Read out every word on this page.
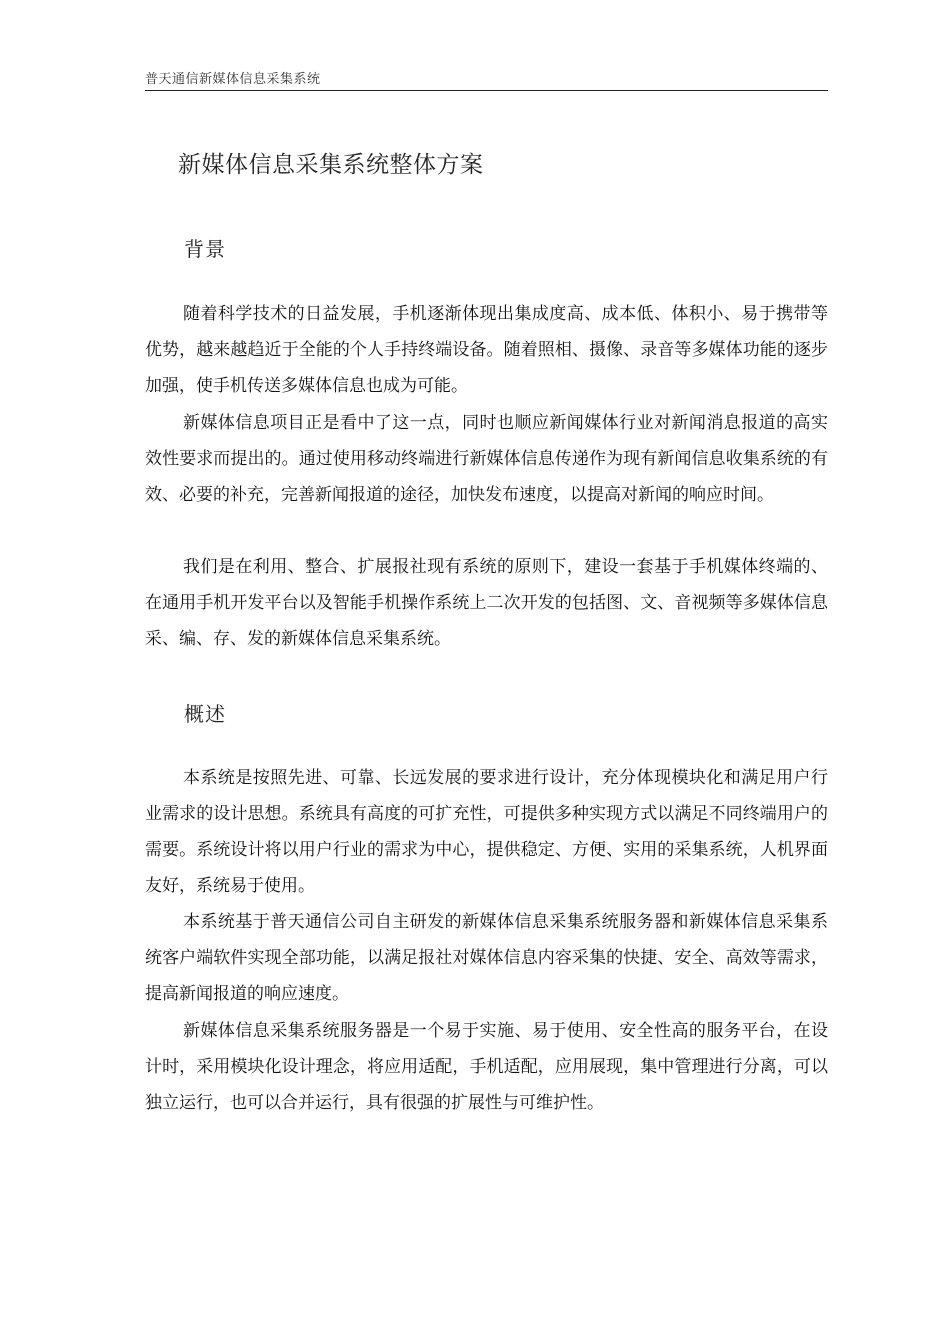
普天通信新媒体信息采集系统
新媒体信息采集系统整体方案
背景

随着科学技术的日益发展，手机逐渐体现出集成度高、成本低、体积小、易于携带等优势，越来越趋近于全能的个人手持终端设备。随着照相、摄像、录音等多媒体功能的逐步加强，使手机传送多媒体信息也成为可能。

新媒体信息项目正是看中了这一点，同时也顺应新闻媒体行业对新闻消息报道的高实效性要求而提出的。通过使用移动终端进行新媒体信息传递作为现有新闻信息收集系统的有效、必要的补充，完善新闻报道的途径，加快发布速度，以提高对新闻的响应时间。

我们是在利用、整合、扩展报社现有系统的原则下，建设一套基于手机媒体终端的、在通用手机开发平台以及智能手机操作系统上二次开发的包括图、文、音视频等多媒体信息采、编、存、发的新媒体信息采集系统。

概述

本系统是按照先进、可靠、长远发展的要求进行设计，充分体现模块化和满足用户行业需求的设计思想。系统具有高度的可扩充性，可提供多种实现方式以满足不同终端用户的需要。系统设计将以用户行业的需求为中心，提供稳定、方便、实用的采集系统，人机界面友好，系统易于使用。

本系统基于普天通信公司自主研发的新媒体信息采集系统服务器和新媒体信息采集系统客户端软件实现全部功能，以满足报社对媒体信息内容采集的快捷、安全、高效等需求，提高新闻报道的响应速度。

新媒体信息采集系统服务器是一个易于实施、易于使用、安全性高的服务平台，在设计时，采用模块化设计理念，将应用适配，手机适配，应用展现，集中管理进行分离，可以独立运行，也可以合并运行，具有很强的扩展性与可维护性。
